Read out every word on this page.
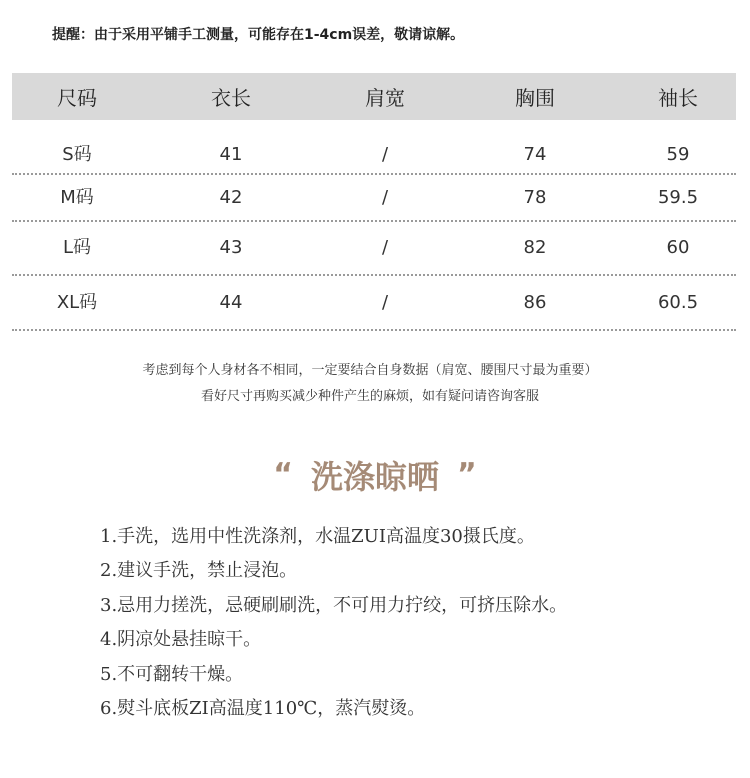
提醒：由于采用平铺手工测量，可能存在1-4cm误差，敬请谅解。
尺码	衣长	肩宽	胸围	袖长
S码	41	/	74	59
M码	42	/	78	59.5
L码	43	/	82	60
XL码	44	/	86	60.5
考虑到每个人身材各不相同，一定要结合自身数据（肩宽、腰围尺寸最为重要）
看好尺寸再购买减少种件产生的麻烦，如有疑问请咨询客服
“ 洗涤晾晒 ”
1.手洗，选用中性洗涤剂，水温ZUI高温度30摄氏度。
2.建议手洗，禁止浸泡。
3.忌用力搓洗，忌硬刷刷洗，不可用力拧绞，可挤压除水。
4.阴凉处悬挂晾干。
5.不可翻转干燥。
6.熨斗底板ZI高温度110℃，蒸汽熨烫。
